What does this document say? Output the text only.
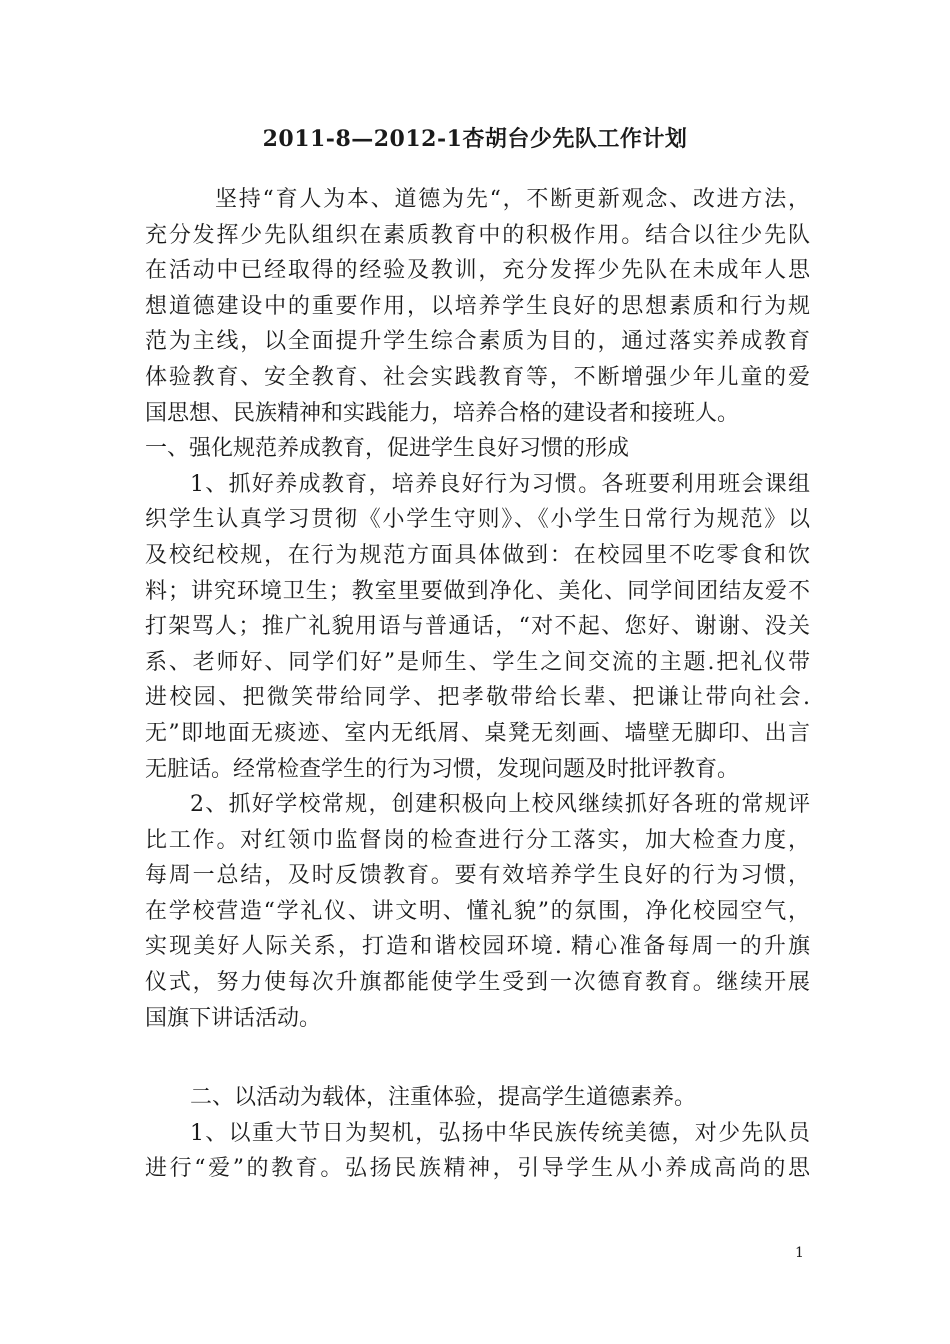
2011-8—2012-1杏胡台少先队工作计划
坚持“育人为本、道德为先“，不断更新观念、改进方法，
充分发挥少先队组织在素质教育中的积极作用。结合以往少先队
在活动中已经取得的经验及教训，充分发挥少先队在未成年人思
想道德建设中的重要作用，以培养学生良好的思想素质和行为规
范为主线，以全面提升学生综合素质为目的，通过落实养成教育
体验教育、安全教育、社会实践教育等，不断增强少年儿童的爱
国思想、民族精神和实践能力，培养合格的建设者和接班人。
一、强化规范养成教育，促进学生良好习惯的形成
1、抓好养成教育，培养良好行为习惯。各班要利用班会课组
织学生认真学习贯彻《小学生守则》、《小学生日常行为规范》以
及校纪校规，在行为规范方面具体做到：在校园里不吃零食和饮
料；讲究环境卫生；教室里要做到净化、美化、同学间团结友爱不
打架骂人；推广礼貌用语与普通话，“对不起、您好、谢谢、没关
系、老师好、同学们好”是师生、学生之间交流的主题.把礼仪带
进校园、把微笑带给同学、把孝敬带给长辈、把谦让带向社会.
无”即地面无痰迹、室内无纸屑、桌凳无刻画、墙壁无脚印、出言
无脏话。经常检查学生的行为习惯，发现问题及时批评教育。
2、抓好学校常规，创建积极向上校风继续抓好各班的常规评
比工作。对红领巾监督岗的检查进行分工落实，加大检查力度，
每周一总结，及时反馈教育。要有效培养学生良好的行为习惯，
在学校营造“学礼仪、讲文明、懂礼貌”的氛围，净化校园空气，
实现美好人际关系，打造和谐校园环境. 精心准备每周一的升旗
仪式，努力使每次升旗都能使学生受到一次德育教育。继续开展
国旗下讲话活动。
二、以活动为载体，注重体验，提高学生道德素养。
1、以重大节日为契机，弘扬中华民族传统美德，对少先队员
进行“爱”的教育。弘扬民族精神，引导学生从小养成高尚的思
1
